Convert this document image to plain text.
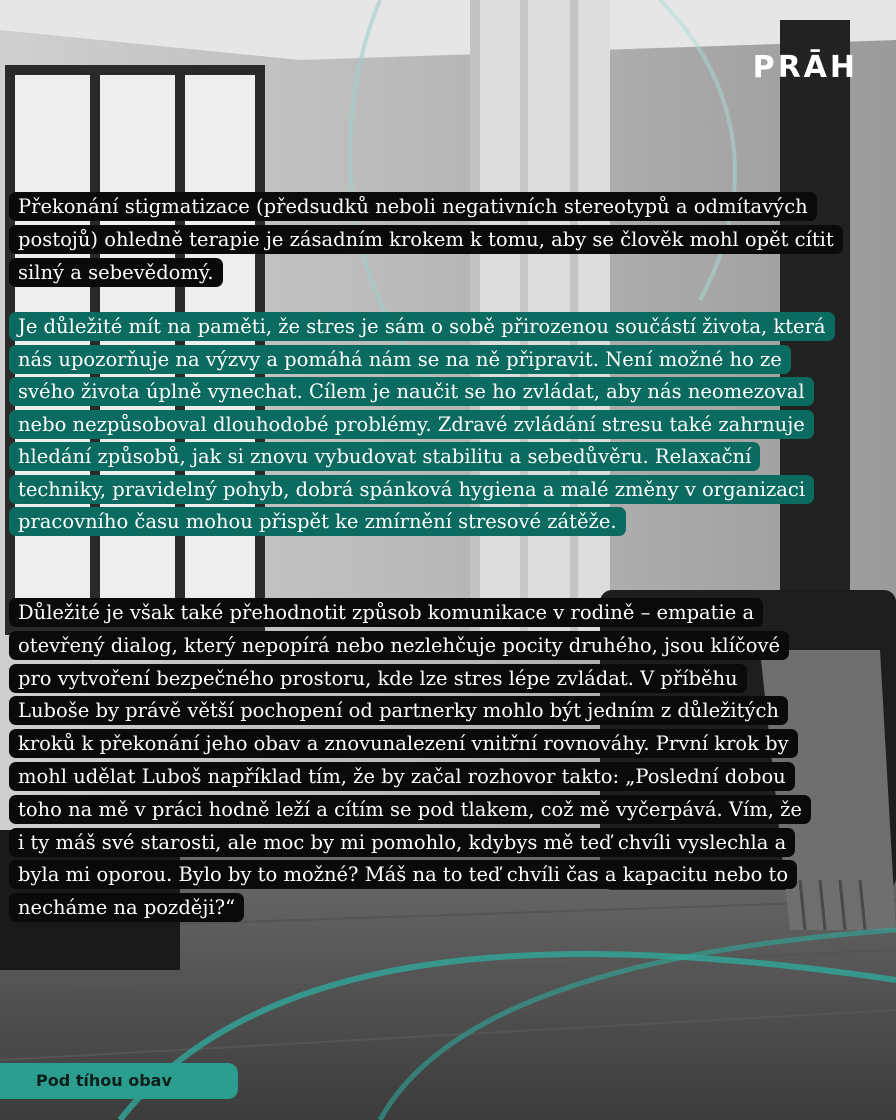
PRĀH

Překonání stigmatizace (předsudků neboli negativních stereotypů a odmítavých postojů) ohledně terapie je zásadním krokem k tomu, aby se člověk mohl opět cítit silný a sebevědomý.

Je důležité mít na paměti, že stres je sám o sobě přirozenou součástí života, která nás upozorňuje na výzvy a pomáhá nám se na ně připravit. Není možné ho ze svého života úplně vynechat. Cílem je naučit se ho zvládat, aby nás neomezoval nebo nezpůsoboval dlouhodobé problémy. Zdravé zvládání stresu také zahrnuje hledání způsobů, jak si znovu vybudovat stabilitu a sebedůvěru. Relaxační techniky, pravidelný pohyb, dobrá spánková hygiena a malé změny v organizaci pracovního času mohou přispět ke zmírnění stresové zátěže.

Důležité je však také přehodnotit způsob komunikace v rodině – empatie a otevřený dialog, který nepopírá nebo nezlehčuje pocity druhého, jsou klíčové pro vytvoření bezpečného prostoru, kde lze stres lépe zvládat. V příběhu Luboše by právě větší pochopení od partnerky mohlo být jedním z důležitých kroků k překonání jeho obav a znovunalezení vnitřní rovnováhy. První krok by mohl udělat Luboš například tím, že by začal rozhovor takto: „Poslední dobou toho na mě v práci hodně leží a cítím se pod tlakem, což mě vyčerpává. Vím, že i ty máš své starosti, ale moc by mi pomohlo, kdybys mě teď chvíli vyslechla a byla mi oporou. Bylo by to možné? Máš na to teď chvíli čas a kapacitu nebo to necháme na později?“

Pod tíhou obav
